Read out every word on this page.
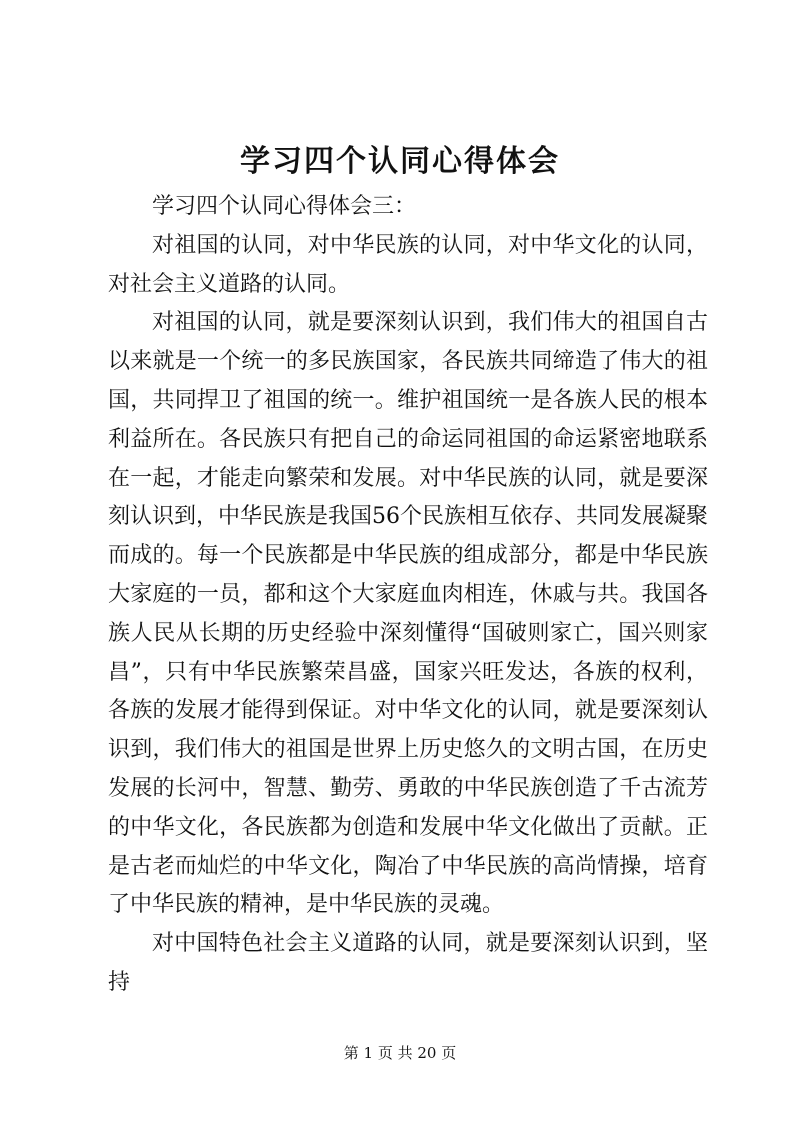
学习四个认同心得体会

学习四个认同心得体会三：

对祖国的认同，对中华民族的认同，对中华文化的认同，对社会主义道路的认同。

对祖国的认同，就是要深刻认识到，我们伟大的祖国自古以来就是一个统一的多民族国家，各民族共同缔造了伟大的祖国，共同捍卫了祖国的统一。维护祖国统一是各族人民的根本利益所在。各民族只有把自己的命运同祖国的命运紧密地联系在一起，才能走向繁荣和发展。对中华民族的认同，就是要深刻认识到，中华民族是我国56个民族相互依存、共同发展凝聚而成的。每一个民族都是中华民族的组成部分，都是中华民族大家庭的一员，都和这个大家庭血肉相连，休戚与共。我国各族人民从长期的历史经验中深刻懂得“国破则家亡，国兴则家昌”，只有中华民族繁荣昌盛，国家兴旺发达，各族的权利，各族的发展才能得到保证。对中华文化的认同，就是要深刻认识到，我们伟大的祖国是世界上历史悠久的文明古国，在历史发展的长河中，智慧、勤劳、勇敢的中华民族创造了千古流芳的中华文化，各民族都为创造和发展中华文化做出了贡献。正是古老而灿烂的中华文化，陶冶了中华民族的高尚情操，培育了中华民族的精神，是中华民族的灵魂。

对中国特色社会主义道路的认同，就是要深刻认识到，坚持

第 1 页 共 20 页
